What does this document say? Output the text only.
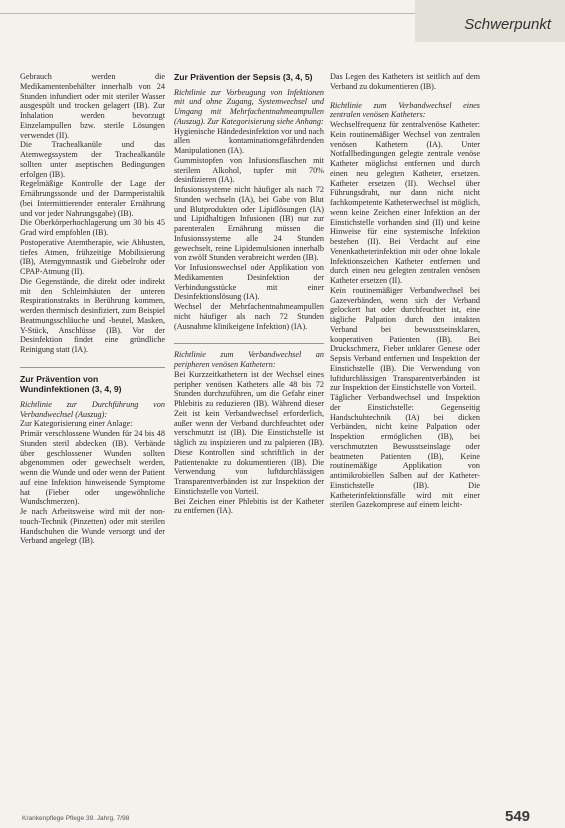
Schwerpunkt

Gebrauch werden die Medikamentenbehälter innerhalb von 24 Stunden infundiert oder mit steriler Wasser ausgespült und trocken gelagert (IB). Zur Inhalation werden bevorzugt Einzelampullen bzw. sterile Lösungen verwendet (II).

Die Trachealkanüle und das Atemwegssystem der Trachealkanüle sollten unter aseptischen Bedingungen erfolgen (IB).

Regelmäßige Kontrolle der Lage der Ernährungssonde und der Darmperistaltik (bei Intermittierender enteraler Ernährung und vor jeder Nahrungsgabe) (IB).

Die Oberkörperhochlagerung um 30 bis 45 Grad wird empfohlen (IB).

Postoperative Atemtherapie, wie Abhusten, tiefes Atmen, frühzeitige Mobilisierung (IB), Atemgymnastik und Giebelrohr oder CPAP-Atmung (II).

Die Gegenstände, die direkt oder indirekt mit den Schleimhäuten der unteren Respirationstrakts in Berührung kommen, werden thermisch desinfiziert, zum Beispiel Beatmungsschläuche und -beutel, Masken, Y-Stück, Anschlüsse (IB). Vor der Desinfektion findet eine gründliche Reinigung statt (IA).

Zur Prävention von Wundinfektionen (3, 4, 9)

Richtlinie zur Durchführung von Verbandwechsel (Auszug):

Zur Kategorisierung einer Anlage:

Primär verschlossene Wunden für 24 bis 48 Stunden steril abdecken (IB). Verbände über geschlossener Wunden sollten abgenommen oder gewechselt werden, wenn die Wunde und oder wenn der Patient auf eine Infektion hinweisende Symptome hat (Fieber oder ungewöhnliche Wundschmerzen).

Je nach Arbeitsweise wird mit der non-touch-Technik (Pinzetten) oder mit sterilen Handschuhen die Wunde versorgt und der Verband angelegt (IB).

Zur Prävention der Sepsis (3, 4, 5)

Richtlinie zur Vorbeugung von Infektionen mit und ohne Zugang, Systemwechsel und Umgang mit Mehrfachentnahmeampullen (Auszug). Zur Kategorisierung siehe Anhang:

Hygienische Händedesinfektion vor und nach allen kontaminationsgefährdenden Manipulationen (IA).

Gummistopfen von Infusionsflaschen mit sterilem Alkohol, tupfer mit 70% desinfizieren (IA).

Infusionssysteme nicht häufiger als nach 72 Stunden wechseln (IA), bei Gabe von Blut und Blutprodukten oder Lipidlösungen (IA) und Lipidhaltigen Infusionen (IB) nur zur parenteralen Ernährung müssen die Infusionssysteme alle 24 Stunden gewechselt, reine Lipidemulsionen innerhalb von zwölf Stunden verabreicht werden (IB).

Vor Infusionswechsel oder Applikation von Medikamenten Desinfektion der Verbindungsstücke mit einer Desinfektionslösung (IA).

Wechsel der Mehrfachentnahmeampullen nicht häufiger als nach 72 Stunden (Ausnahme klinikeigene Infektion) (IA).

Richtlinie zum Verbandwechsel an peripheren venösen Kathetern:

Bei Kurzzeitkathetern ist der Wechsel eines peripher venösen Katheters alle 48 bis 72 Stunden durchzuführen, um die Gefahr einer Phlebitis zu reduzieren (IB). Während dieser Zeit ist kein Verbandwechsel erforderlich, außer wenn der Verband durchfeuchtet oder verschmutzt ist (IB). Die Einstichstelle ist täglich zu inspizieren und zu palpieren (IB). Diese Kontrollen sind schriftlich in der Patientenakte zu dokumentieren (IB). Die Verwendung von luftdurchlässigen Transparentverbänden ist zur Inspektion der Einstichstelle von Vorteil.

Bei Zeichen einer Phlebitis ist der Katheter zu entfernen (IA).

Das Legen des Katheters ist seitlich auf dem Verband zu dokumentieren (IB).

Richtlinie zum Verbandwechsel eines zentralen venösen Katheters:

Wechselfrequenz für zentralvenöse Katheter: Kein routinemäßiger Wechsel von zentralen venösen Kathetern (IA). Unter Notfallbedingungen gelegte zentrale venöse Katheter möglichst entfernen und durch einen neu gelegten Katheter, ersetzen. Katheter ersetzen (II). Wechsel über Führungsdraht, nur dann nicht nicht fachkompetente Katheterwechsel ist möglich, wenn keine Zeichen einer Infektion an der Einstichstelle vorhanden sind (II) und keine Hinweise für eine systemische Infektion bestehen (II). Bei Verdacht auf eine Venenkatheterinfektion mit oder ohne lokale Infektionszeichen Katheter entfernen und durch einen neu gelegten zentralen venösen Katheter ersetzen (II).

Kein routinemäßiger Verbandwechsel bei Gazeverbänden, wenn sich der Verband gelockert hat oder durchfeuchtet ist, eine tägliche Palpation durch den intakten Verband bei bewusstseinsklaren, kooperativen Patienten (IB). Bei Druckschmerz, Fieber unklarer Genese oder Sepsis Verband entfernen und Inspektion der Einstichstelle (IB). Die Verwendung von luftdurchlässigen Transparentverbänden ist zur Inspektion der Einstichstelle von Vorteil.

Täglicher Verbandwechsel und Inspektion der Einstichstelle: Gegenseitig Handschuhtechnik (IA) bei dicken Verbänden, nicht keine Palpation oder Inspektion ermöglichen (IB), bei verschmutzten Bewusstseinslage oder beatmeten Patienten (IB), Keine routinemäßige Applikation von antimikrobiellen Salben auf der Katheter-Einstichstelle (IB). Die Katheterinfektionsfälle wird mit einer sterilen Gazekomprese auf einem leicht-

Krankenpflege Pflege 39. Jahrg. 7/98	549
